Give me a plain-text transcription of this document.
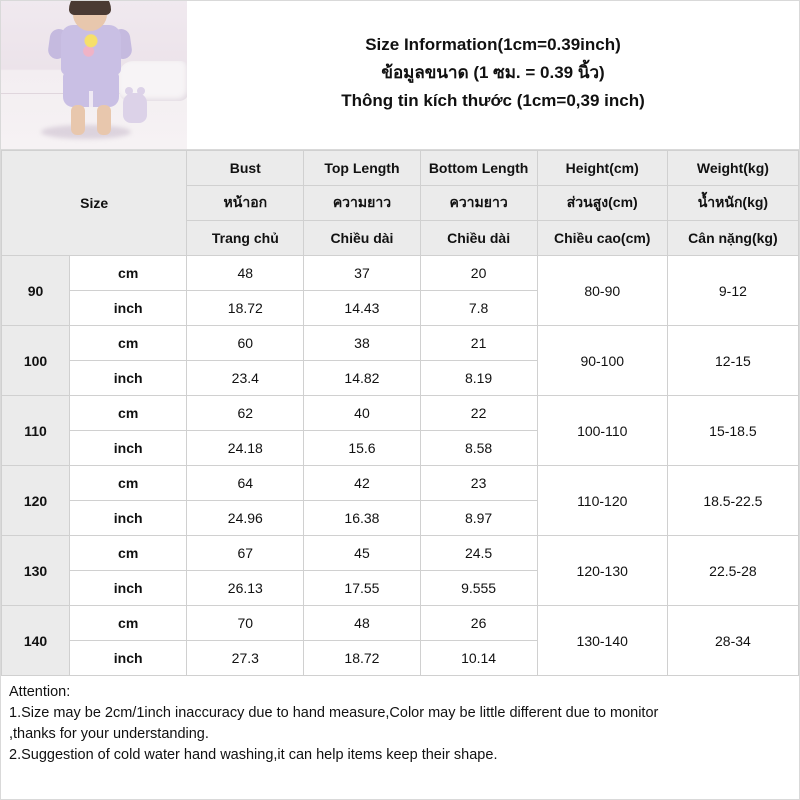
Size Information(1cm=0.39inch)
ข้อมูลขนาด (1 ซม. = 0.39 นิ้ว)
Thông tin kích thước (1cm=0,39 inch)
Size		Bust	Top Length	Bottom Length	Height(cm)	Weight(kg)
		หน้าอก	ความยาว	ความยาว	ส่วนสูง(cm)	น้ำหนัก(kg)
		Trang chủ	Chiều dài	Chiều dài	Chiều cao(cm)	Cân nặng(kg)
90	cm	48	37	20	80-90	9-12
	inch	18.72	14.43	7.8		
100	cm	60	38	21	90-100	12-15
	inch	23.4	14.82	8.19		
110	cm	62	40	22	100-110	15-18.5
	inch	24.18	15.6	8.58		
120	cm	64	42	23	110-120	18.5-22.5
	inch	24.96	16.38	8.97		
130	cm	67	45	24.5	120-130	22.5-28
	inch	26.13	17.55	9.555		
140	cm	70	48	26	130-140	28-34
	inch	27.3	18.72	10.14		
Attention:
1.Size may be 2cm/1inch inaccuracy due to hand measure,Color may be little different due to monitor
,thanks for your understanding.
2.Suggestion of cold water hand washing,it can help items keep their shape.
